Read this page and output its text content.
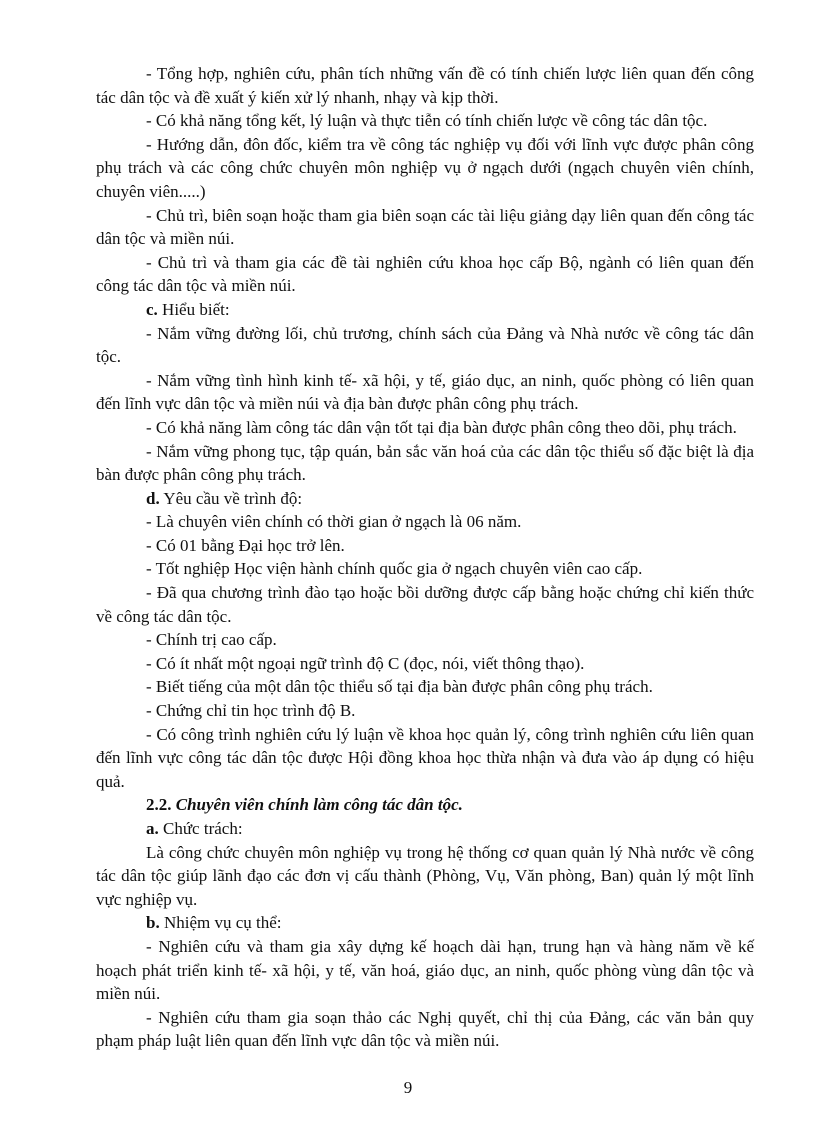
- Tổng hợp, nghiên cứu, phân tích những vấn đề có tính chiến lược liên quan đến công tác dân tộc và đề xuất ý kiến xử lý nhanh, nhạy và kịp thời.

- Có khả năng tổng kết, lý luận và thực tiễn có tính chiến lược về công tác dân tộc.

- Hướng dẫn, đôn đốc, kiểm tra về công tác nghiệp vụ đối với lĩnh vực được phân công phụ trách và các công chức chuyên môn nghiệp vụ ở ngạch dưới (ngạch chuyên viên chính, chuyên viên.....)

- Chủ trì, biên soạn hoặc tham gia biên soạn các tài liệu giảng dạy liên quan đến công tác dân tộc và miền núi.

- Chủ trì và tham gia các đề tài nghiên cứu khoa học cấp Bộ, ngành có liên quan đến công tác dân tộc và miền núi.

c. Hiểu biết:

- Nắm vững đường lối, chủ trương, chính sách của Đảng và Nhà nước về công tác dân tộc.

- Nắm vững tình hình kinh tế- xã hội, y tế, giáo dục, an ninh, quốc phòng có liên quan đến lĩnh vực dân tộc và miền núi và địa bàn được phân công phụ trách.

- Có khả năng làm công tác dân vận tốt tại địa bàn được phân công theo dõi, phụ trách.

- Nắm vững phong tục, tập quán, bản sắc văn hoá của các dân tộc thiểu số đặc biệt là địa bàn được phân công phụ trách.

d. Yêu cầu về trình độ:

- Là chuyên viên chính có thời gian ở ngạch là 06 năm.

- Có 01 bằng Đại học trở lên.

- Tốt nghiệp Học viện hành chính quốc gia ở ngạch chuyên viên cao cấp.

- Đã qua chương trình đào tạo hoặc bồi dưỡng được cấp bằng hoặc chứng chỉ kiến thức về công tác dân tộc.

- Chính trị cao cấp.

- Có ít nhất một ngoại ngữ trình độ C (đọc, nói, viết thông thạo).

- Biết tiếng của một dân tộc thiểu số tại địa bàn được phân công phụ trách.

- Chứng chỉ tin học trình độ B.

- Có công trình nghiên cứu lý luận về khoa học quản lý, công trình nghiên cứu liên quan đến lĩnh vực công tác dân tộc được Hội đồng khoa học thừa nhận và đưa vào áp dụng có hiệu quả.

2.2. Chuyên viên chính làm công tác dân tộc.

a. Chức trách:

Là công chức chuyên môn nghiệp vụ trong hệ thống cơ quan quản lý Nhà nước về công tác dân tộc giúp lãnh đạo các đơn vị cấu thành (Phòng, Vụ, Văn phòng, Ban) quản lý một lĩnh vực nghiệp vụ.

b. Nhiệm vụ cụ thể:

- Nghiên cứu và tham gia xây dựng kế hoạch dài hạn, trung hạn và hàng năm về kế hoạch phát triển kinh tế- xã hội, y tế, văn hoá, giáo dục, an ninh, quốc phòng vùng dân tộc và miền núi.

- Nghiên cứu tham gia soạn thảo các Nghị quyết, chỉ thị của Đảng, các văn bản quy phạm pháp luật liên quan đến lĩnh vực dân tộc và miền núi.

9
